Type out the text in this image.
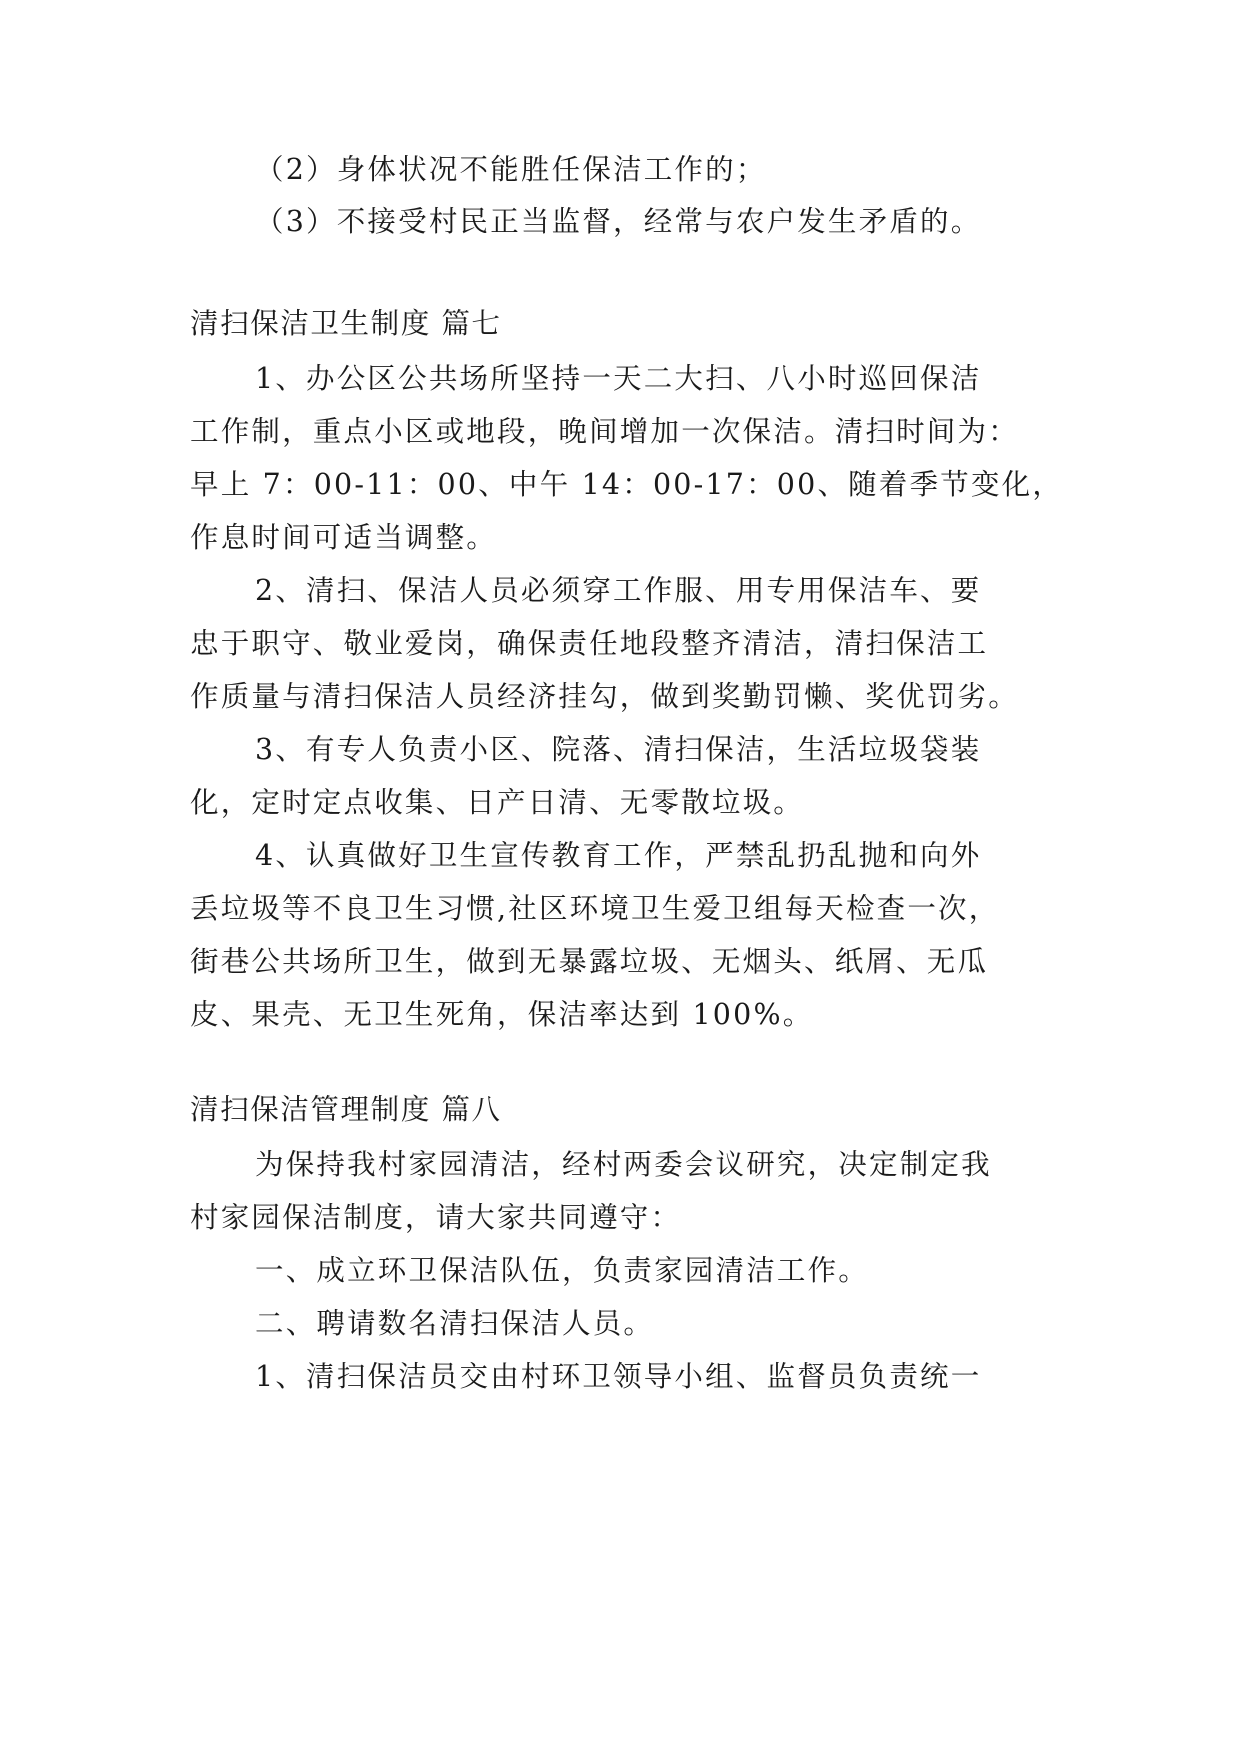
（2）身体状况不能胜任保洁工作的；
（3）不接受村民正当监督，经常与农户发生矛盾的。
清扫保洁卫生制度 篇七
1、办公区公共场所坚持一天二大扫、八小时巡回保洁
工作制，重点小区或地段，晚间增加一次保洁。清扫时间为：
早上 7：00-11：00、中午 14：00-17：00、随着季节变化，
作息时间可适当调整。
2、清扫、保洁人员必须穿工作服、用专用保洁车、要
忠于职守、敬业爱岗，确保责任地段整齐清洁，清扫保洁工
作质量与清扫保洁人员经济挂勾，做到奖勤罚懒、奖优罚劣。
3、有专人负责小区、院落、清扫保洁，生活垃圾袋装
化，定时定点收集、日产日清、无零散垃圾。
4、认真做好卫生宣传教育工作，严禁乱扔乱抛和向外
丢垃圾等不良卫生习惯,社区环境卫生爱卫组每天检查一次，
街巷公共场所卫生，做到无暴露垃圾、无烟头、纸屑、无瓜
皮、果壳、无卫生死角，保洁率达到 100%。
清扫保洁管理制度 篇八
为保持我村家园清洁，经村两委会议研究，决定制定我
村家园保洁制度，请大家共同遵守：
一、成立环卫保洁队伍，负责家园清洁工作。
二、聘请数名清扫保洁人员。
1、清扫保洁员交由村环卫领导小组、监督员负责统一
